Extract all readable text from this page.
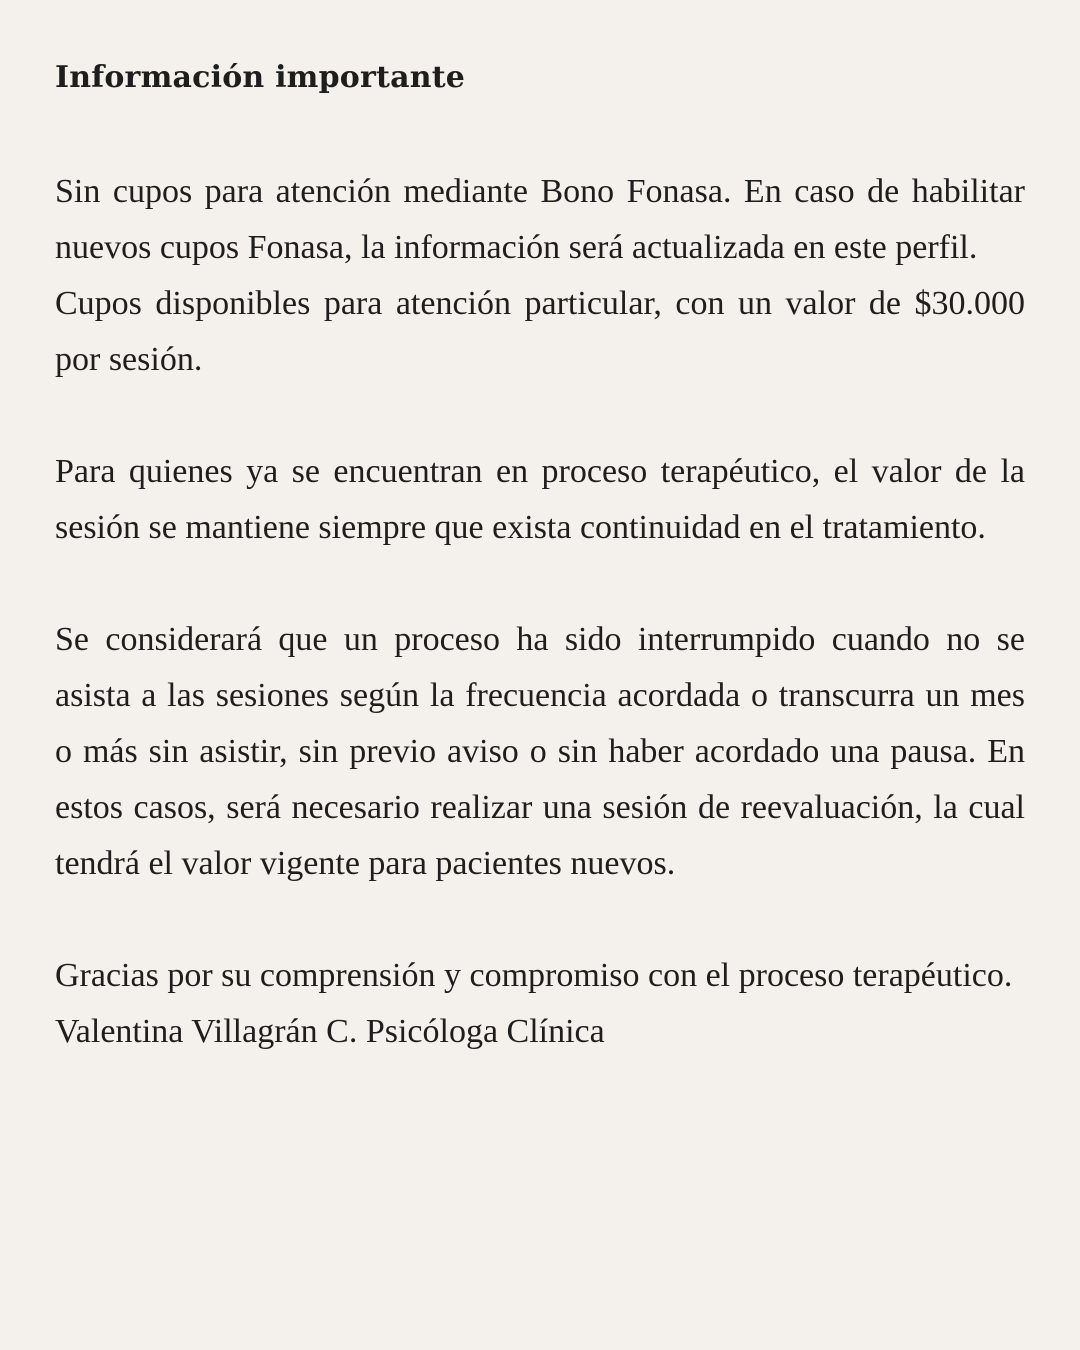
Información importante

Sin cupos para atención mediante Bono Fonasa. En caso de habilitar nuevos cupos Fonasa, la información será actualizada en este perfil.

Cupos disponibles para atención particular, con un valor de $30.000 por sesión.

Para quienes ya se encuentran en proceso terapéutico, el valor de la sesión se mantiene siempre que exista continuidad en el tratamiento.

Se considerará que un proceso ha sido interrumpido cuando no se asista a las sesiones según la frecuencia acordada o transcurra un mes o más sin asistir, sin previo aviso o sin haber acordado una pausa. En estos casos, será necesario realizar una sesión de reevaluación, la cual tendrá el valor vigente para pacientes nuevos.

Gracias por su comprensión y compromiso con el proceso terapéutico.

Valentina Villagrán C. Psicóloga Clínica
